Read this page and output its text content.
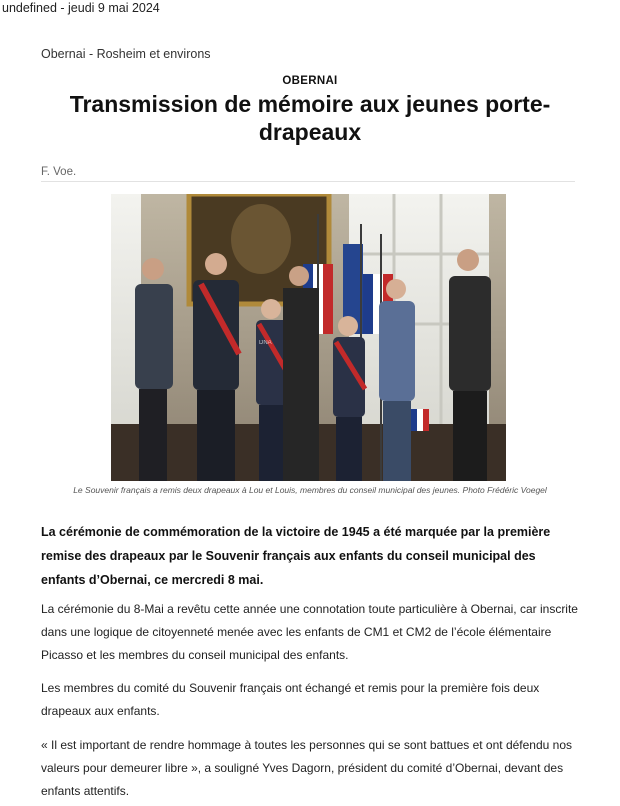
undefined - jeudi 9 mai 2024
Obernai - Rosheim et environs
OBERNAI
Transmission de mémoire aux jeunes porte-drapeaux
F. Voe.
DNA
Le Souvenir français a remis deux drapeaux à Lou et Louis, membres du conseil municipal des jeunes. Photo Frédéric Voegel

La cérémonie de commémoration de la victoire de 1945 a été marquée par la première remise des drapeaux par le Souvenir français aux enfants du conseil municipal des enfants d’Obernai, ce mercredi 8 mai.

La cérémonie du 8-Mai a revêtu cette année une connotation toute particulière à Obernai, car inscrite dans une logique de citoyenneté menée avec les enfants de CM1 et CM2 de l’école élémentaire Picasso et les membres du conseil municipal des enfants.

Les membres du comité du Souvenir français ont échangé et remis pour la première fois deux drapeaux aux enfants.

« Il est important de rendre hommage à toutes les personnes qui se sont battues et ont défendu nos valeurs pour demeurer libre », a souligné Yves Dagorn, président du comité d’Obernai, devant des enfants attentifs.
